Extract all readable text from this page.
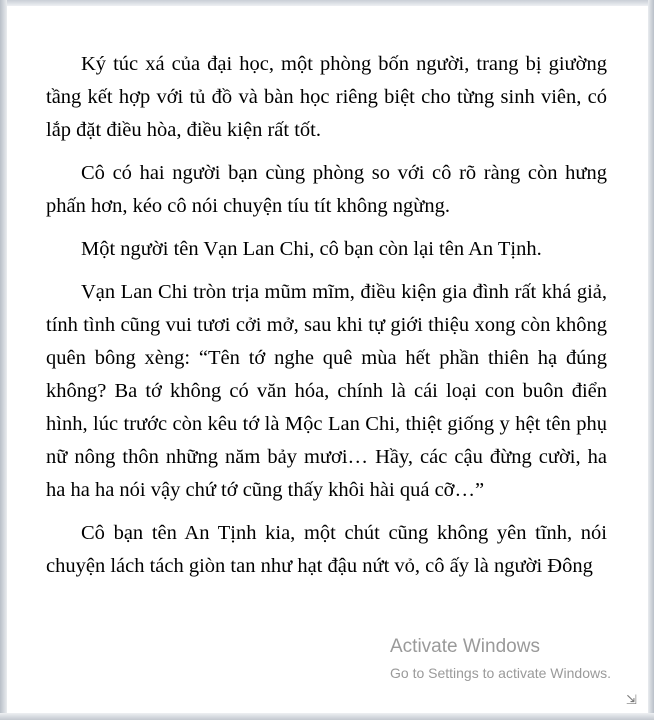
Ký túc xá của đại học, một phòng bốn người, trang bị giường tầng kết hợp với tủ đồ và bàn học riêng biệt cho từng sinh viên, có lắp đặt điều hòa, điều kiện rất tốt.

Cô có hai người bạn cùng phòng so với cô rõ ràng còn hưng phấn hơn, kéo cô nói chuyện tíu tít không ngừng.

Một người tên Vạn Lan Chi, cô bạn còn lại tên An Tịnh.

Vạn Lan Chi tròn trịa mũm mĩm, điều kiện gia đình rất khá giả, tính tình cũng vui tươi cởi mở, sau khi tự giới thiệu xong còn không quên bông xèng: “Tên tớ nghe quê mùa hết phần thiên hạ đúng không? Ba tớ không có văn hóa, chính là cái loại con buôn điển hình, lúc trước còn kêu tớ là Mộc Lan Chi, thiệt giống y hệt tên phụ nữ nông thôn những năm bảy mươi… Hầy, các cậu đừng cười, ha ha ha ha nói vậy chứ tớ cũng thấy khôi hài quá cỡ…”

Cô bạn tên An Tịnh kia, một chút cũng không yên tĩnh, nói chuyện lách tách giòn tan như hạt đậu nứt vỏ, cô ấy là người Đông

Activate Windows
Go to Settings to activate Windows.
⇲
